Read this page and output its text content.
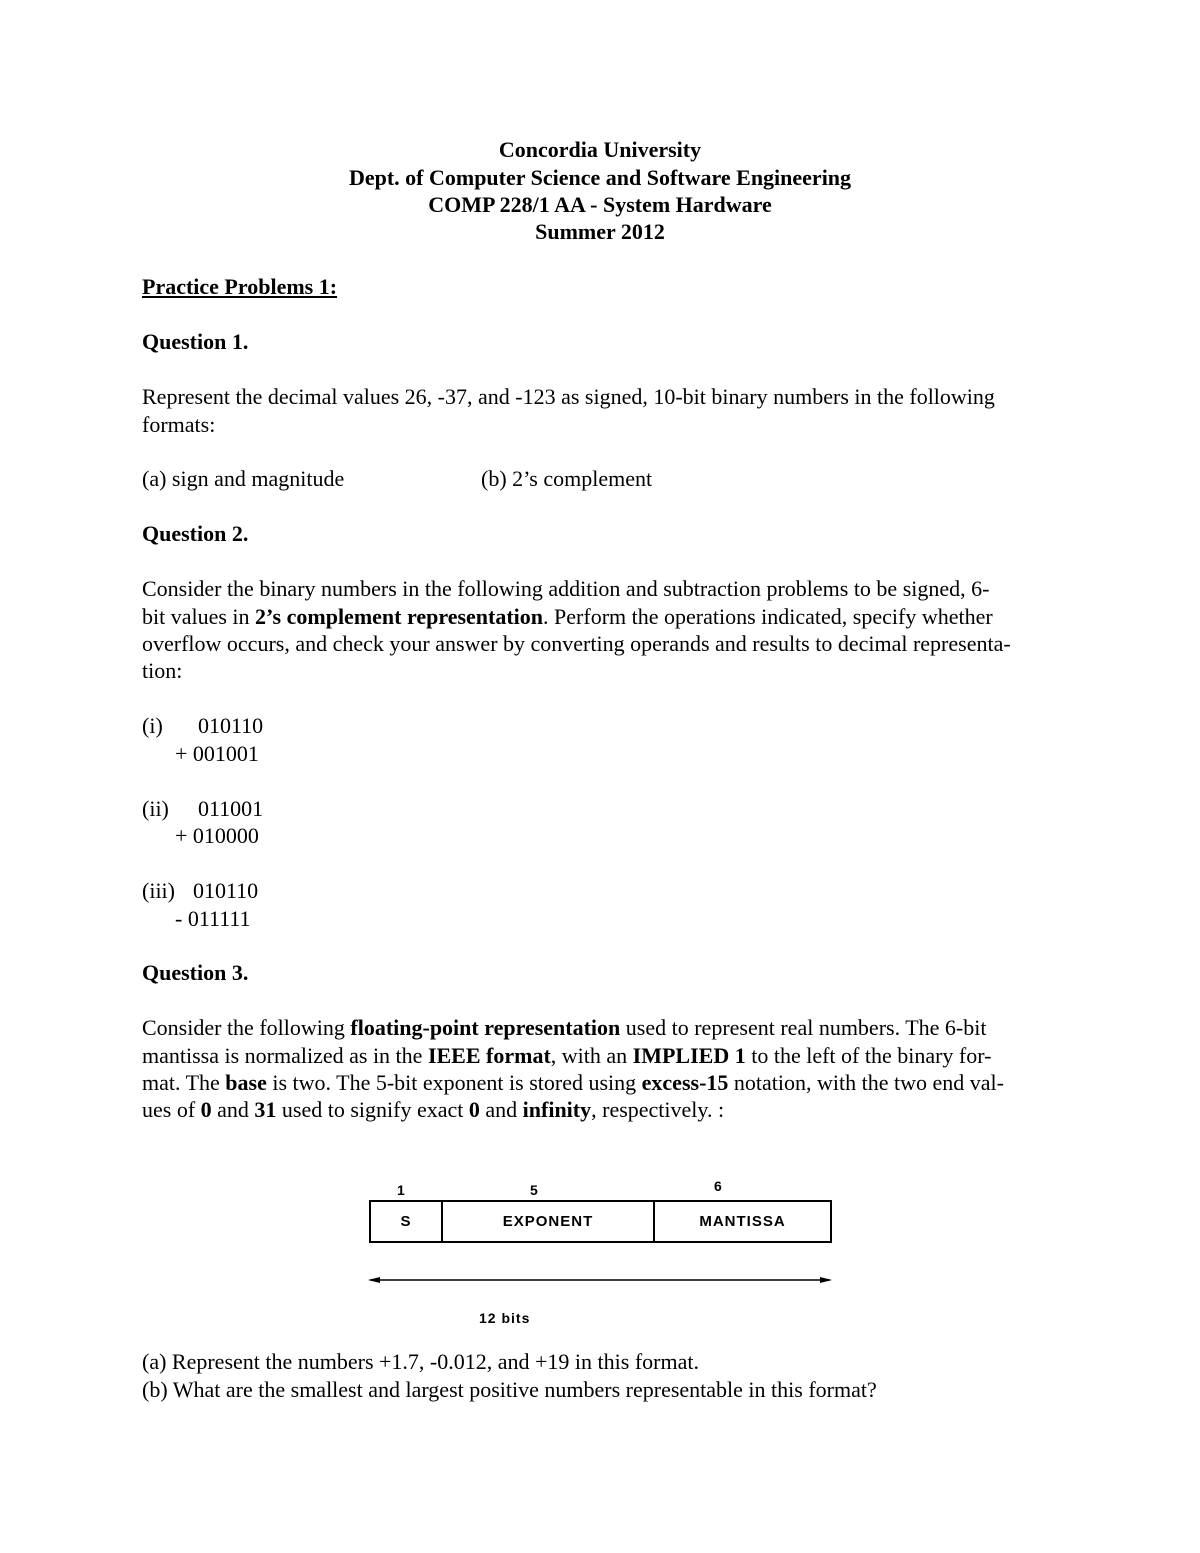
Concordia University
Dept. of Computer Science and Software Engineering
COMP 228/1 AA - System Hardware
Summer 2012
Practice Problems 1:
Question 1.
Represent the decimal values 26, -37, and -123 as signed, 10-bit binary numbers in the following
formats:
(a) sign and magnitude	(b) 2’s complement
Question 2.
Consider the binary numbers in the following addition and subtraction problems to be signed, 6-
bit values in 2’s complement representation. Perform the operations indicated, specify whether
overflow occurs, and check your answer by converting operands and results to decimal representa-
tion:
(i) 010110
+ 001001
(ii) 011001
+ 010000
(iii) 010110
- 011111
Question 3.
Consider the following floating-point representation used to represent real numbers. The 6-bit
mantissa is normalized as in the IEEE format, with an IMPLIED 1 to the left of the binary for-
mat. The base is two. The 5-bit exponent is stored using excess-15 notation, with the two end val-
ues of 0 and 31 used to signify exact 0 and infinity, respectively. :
1	5	6
S	EXPONENT	MANTISSA
12 bits
(a) Represent the numbers +1.7, -0.012, and +19 in this format.
(b) What are the smallest and largest positive numbers representable in this format?
